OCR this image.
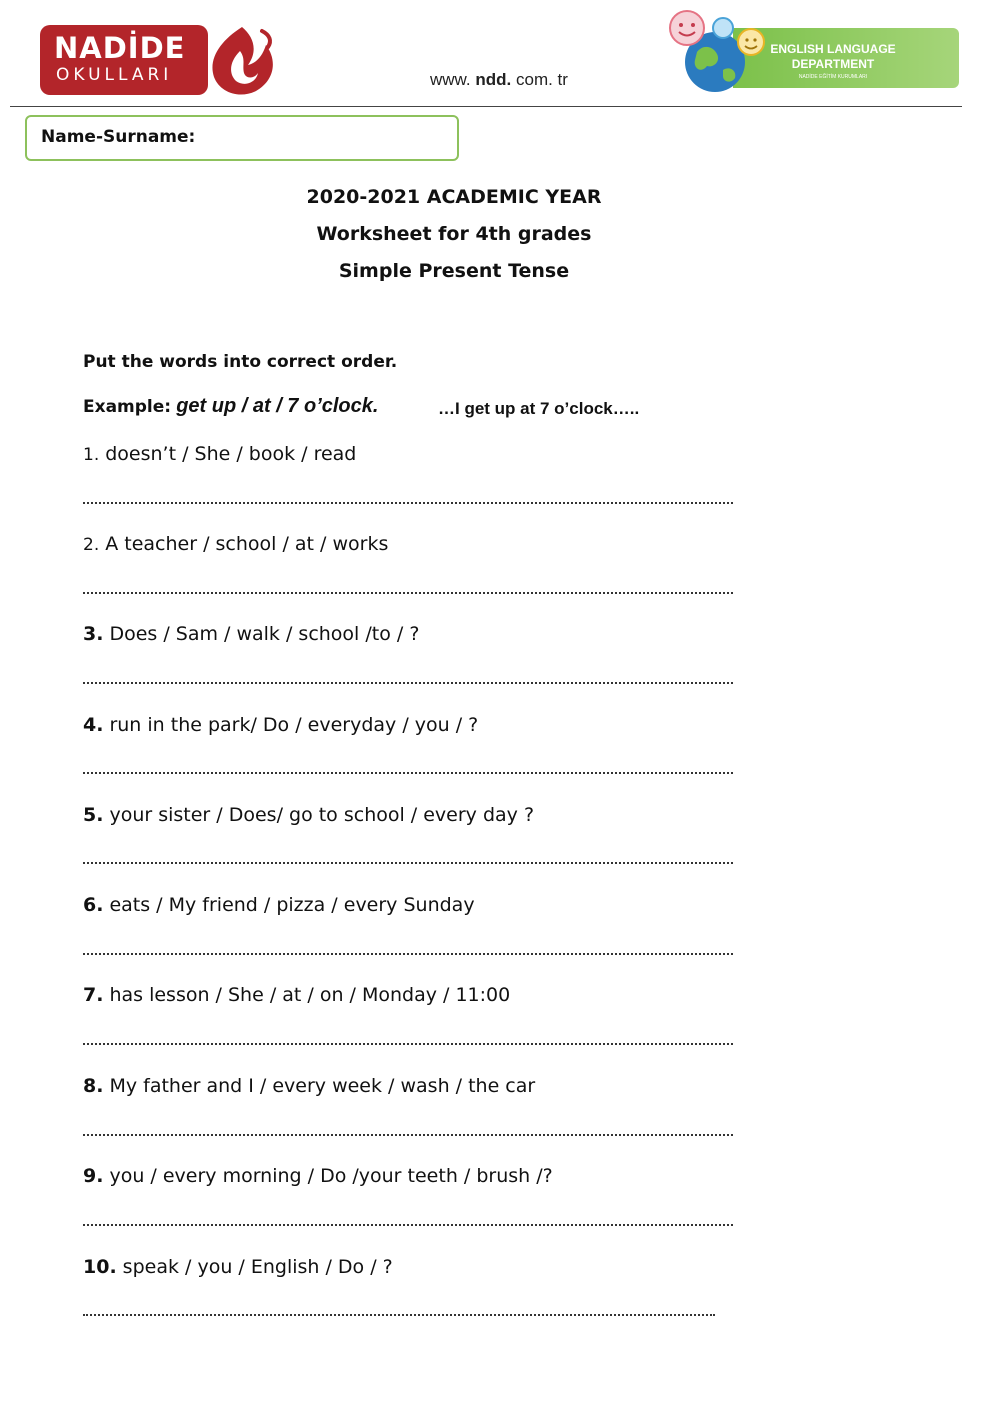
NADİDE
OKULLARI	www. ndd. com. tr
ENGLISH LANGUAGE DEPARTMENT
NADİDE EĞİTİM KURUMLARI
Name-Surname:
2020-2021 ACADEMIC YEAR
Worksheet for 4th grades
Simple Present Tense
Put the words into correct order.
Example: get up / at / 7 o’clock.	…I get up at 7 o’clock…..
1. doesn’t / She / book / read
2. A teacher / school / at / works
3. Does / Sam / walk / school /to / ?
4. run in the park/ Do / everyday / you / ?
5. your sister / Does/ go to school / every day ?
6. eats / My friend / pizza / every Sunday
7. has lesson / She / at / on / Monday / 11:00
8. My father and I / every week / wash / the car
9. you / every morning / Do /your teeth / brush /?
10. speak / you / English / Do / ?
